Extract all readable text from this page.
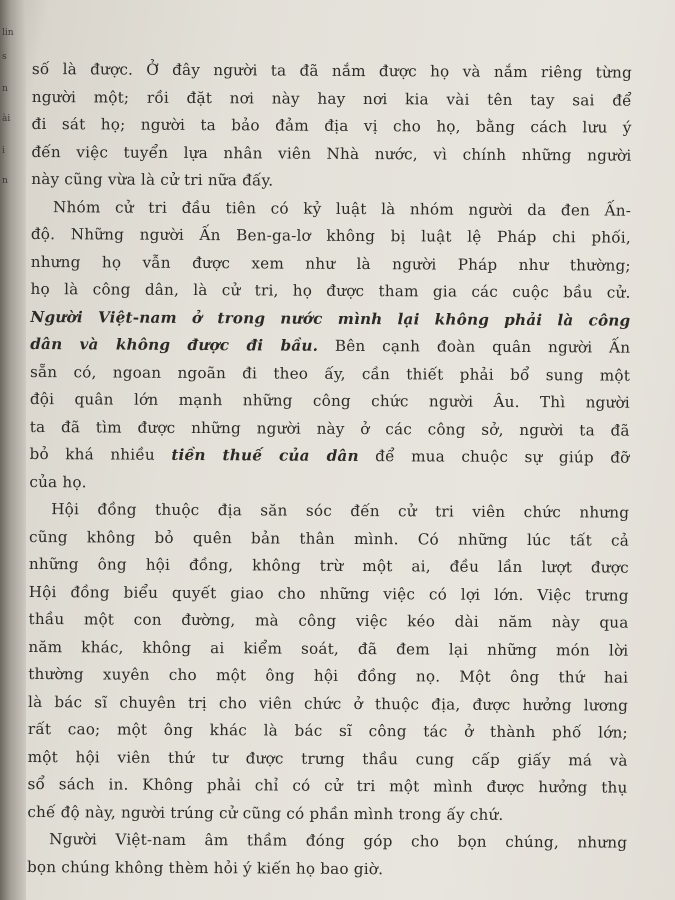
lin
s
n
ài
i
n
số là được. Ở đây người ta đã nắm được họ và nắm riêng từng
người một; rồi đặt nơi này hay nơi kia vài tên tay sai để
đi sát họ; người ta bảo đảm địa vị cho họ, bằng cách lưu ý
đến việc tuyển lựa nhân viên Nhà nước, vì chính những người
này cũng vừa là cử tri nữa đấy.
Nhóm cử tri đầu tiên có kỷ luật là nhóm người da đen Ấn-
độ. Những người Ấn Ben-ga-lơ không bị luật lệ Pháp chi phối,
nhưng họ vẫn được xem như là người Pháp như thường;
họ là công dân, là cử tri, họ được tham gia các cuộc bầu cử.
Người Việt-nam ở trong nước mình lại không phải là công
dân và không được đi bầu. Bên cạnh đoàn quân người Ấn
sẵn có, ngoan ngoãn đi theo ấy, cần thiết phải bổ sung một
đội quân lớn mạnh những công chức người Âu. Thì người
ta đã tìm được những người này ở các công sở, người ta đã
bỏ khá nhiều tiền thuế của dân để mua chuộc sự giúp đỡ
của họ.
Hội đồng thuộc địa săn sóc đến cử tri viên chức nhưng
cũng không bỏ quên bản thân mình. Có những lúc tất cả
những ông hội đồng, không trừ một ai, đều lần lượt được
Hội đồng biểu quyết giao cho những việc có lợi lớn. Việc trưng
thầu một con đường, mà công việc kéo dài năm này qua
năm khác, không ai kiểm soát, đã đem lại những món lời
thường xuyên cho một ông hội đồng nọ. Một ông thứ hai
là bác sĩ chuyên trị cho viên chức ở thuộc địa, được hưởng lương
rất cao; một ông khác là bác sĩ công tác ở thành phố lớn;
một hội viên thứ tư được trưng thầu cung cấp giấy má và
sổ sách in. Không phải chỉ có cử tri một mình được hưởng thụ
chế độ này, người trúng cử cũng có phần mình trong ấy chứ.
Người Việt-nam âm thầm đóng góp cho bọn chúng, nhưng
bọn chúng không thèm hỏi ý kiến họ bao giờ.
